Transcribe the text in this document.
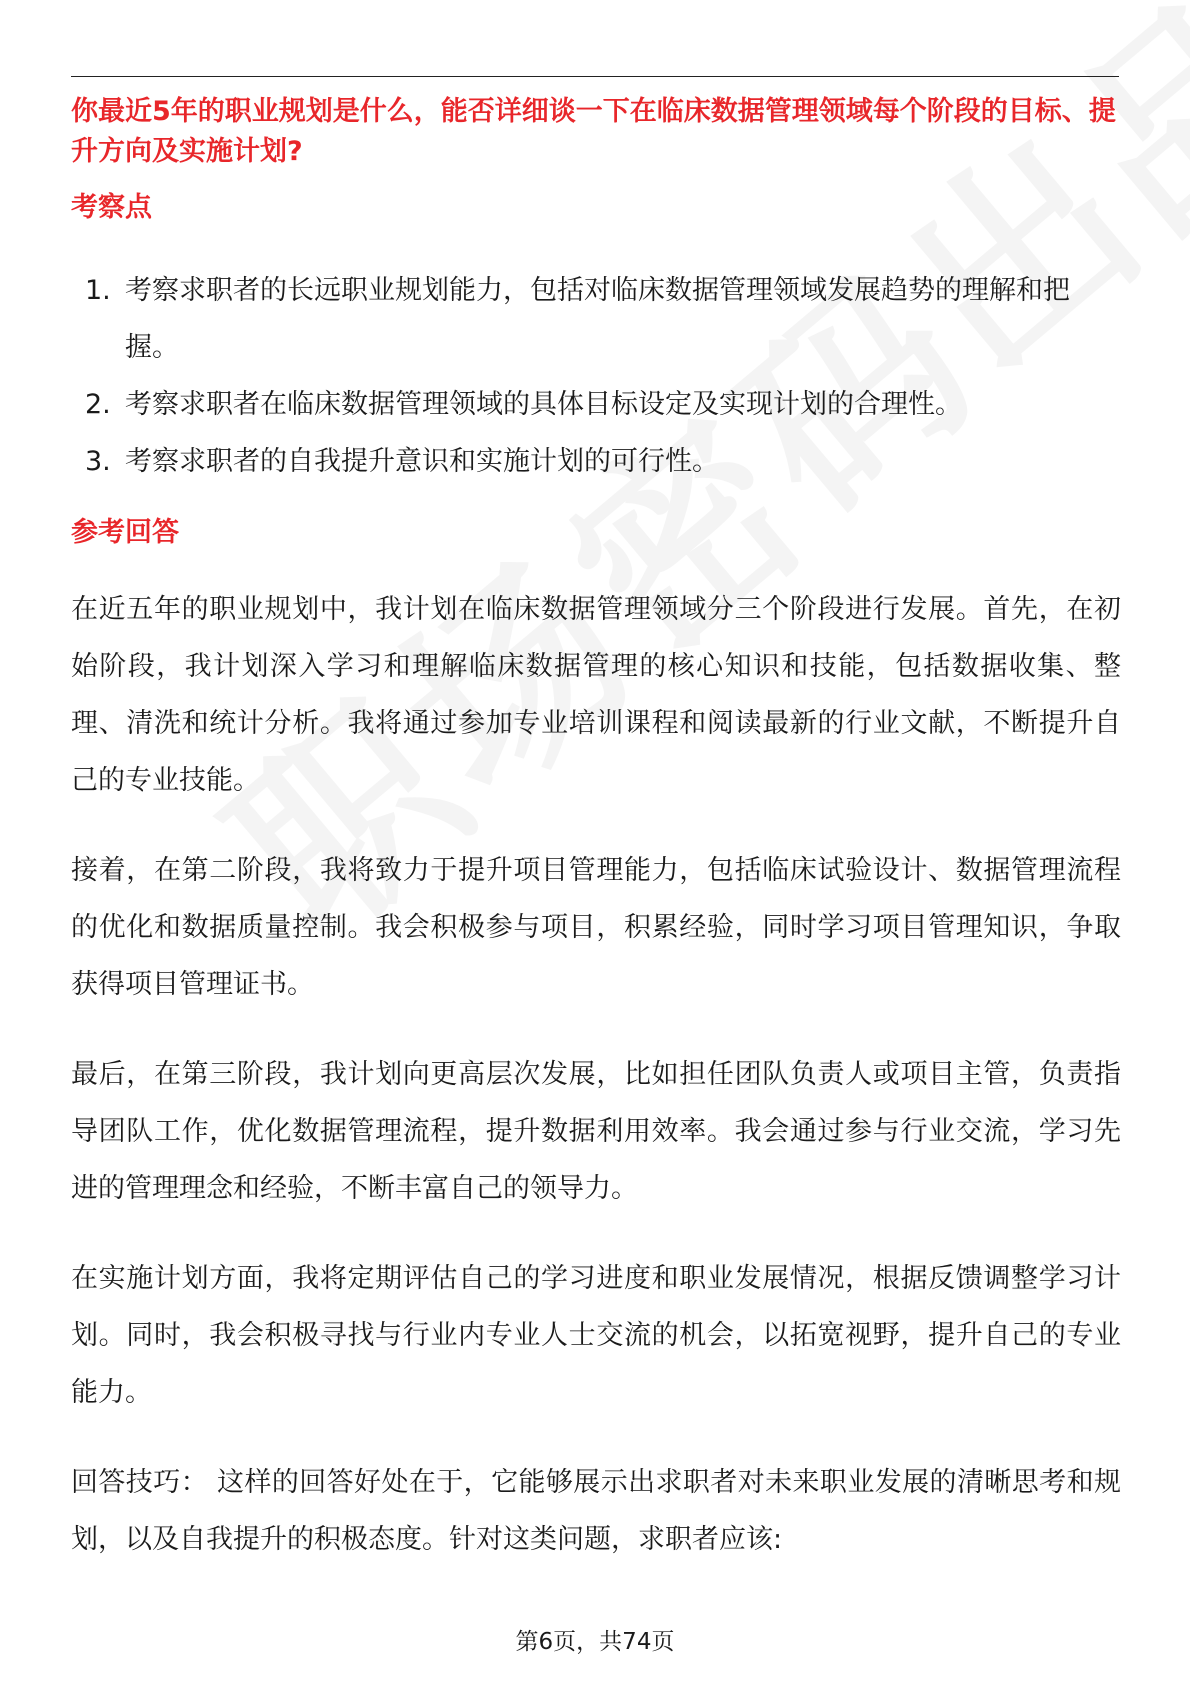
你最近5年的职业规划是什么，能否详细谈一下在临床数据管理领域每个阶段的目标、提升方向及实施计划?

考察点
1. 考察求职者的长远职业规划能力，包括对临床数据管理领域发展趋势的理解和把握。
2. 考察求职者在临床数据管理领域的具体目标设定及实现计划的合理性。
3. 考察求职者的自我提升意识和实施计划的可行性。
参考回答

在近五年的职业规划中，我计划在临床数据管理领域分三个阶段进行发展。首先，在初始阶段，我计划深入学习和理解临床数据管理的核心知识和技能，包括数据收集、整理、清洗和统计分析。我将通过参加专业培训课程和阅读最新的行业文献，不断提升自己的专业技能。

接着，在第二阶段，我将致力于提升项目管理能力，包括临床试验设计、数据管理流程的优化和数据质量控制。我会积极参与项目，积累经验，同时学习项目管理知识，争取获得项目管理证书。

最后，在第三阶段，我计划向更高层次发展，比如担任团队负责人或项目主管，负责指导团队工作，优化数据管理流程，提升数据利用效率。我会通过参与行业交流，学习先进的管理理念和经验，不断丰富自己的领导力。

在实施计划方面，我将定期评估自己的学习进度和职业发展情况，根据反馈调整学习计划。同时，我会积极寻找与行业内专业人士交流的机会，以拓宽视野，提升自己的专业能力。

回答技巧： 这样的回答好处在于，它能够展示出求职者对未来职业发展的清晰思考和规划，以及自我提升的积极态度。针对这类问题，求职者应该:

第6页，共74页
